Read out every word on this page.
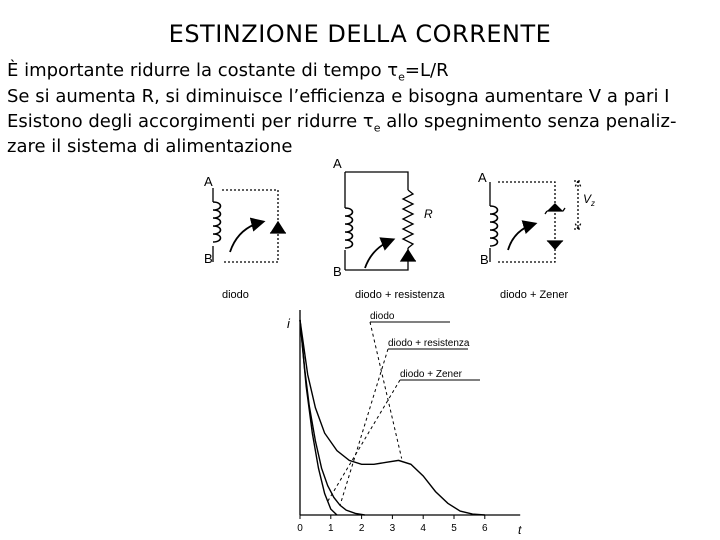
ESTINZIONE DELLA CORRENTE
È importante ridurre la costante di tempo $\tau_e=L/R$
Se si aumenta R, si diminuisce l’efficienza e bisogna aumentare V a pari I
Esistono degli accorgimenti per ridurre $\tau_e$ allo spegnimento senza penaliz-
zare il sistema di alimentazione
A
B
diodo
A
B
R
diodo + resistenza
A
B
$V_z$
diodo + Zener
i
t
0	1	2	3	4	5	6
diodo
diodo + resistenza
diodo + Zener
